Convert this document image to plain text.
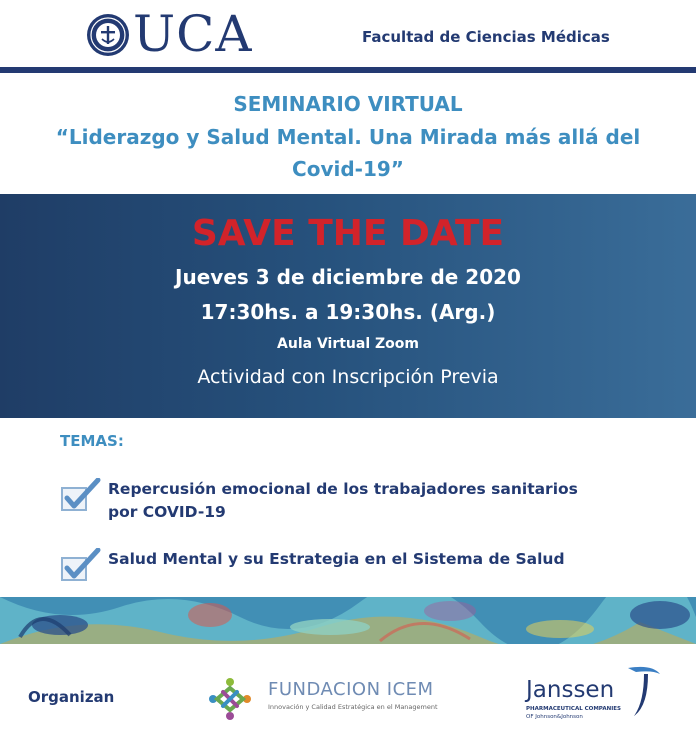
UCA	Facultad de Ciencias Médicas
SEMINARIO VIRTUAL
“Liderazgo y Salud Mental. Una Mirada más allá del
Covid-19”
SAVE THE DATE
Jueves 3 de diciembre de 2020
17:30hs. a 19:30hs. (Arg.)
Aula Virtual Zoom
Actividad con Inscripción Previa
TEMAS:
Repercusión emocional de los trabajadores sanitarios
por COVID-19
Salud Mental y su Estrategia en el Sistema de Salud
Organizan	FUNDACION ICEM
Innovación y Calidad Estratégica en el Management
Janssen
PHARMACEUTICAL COMPANIES
OF Johnson&Johnson
